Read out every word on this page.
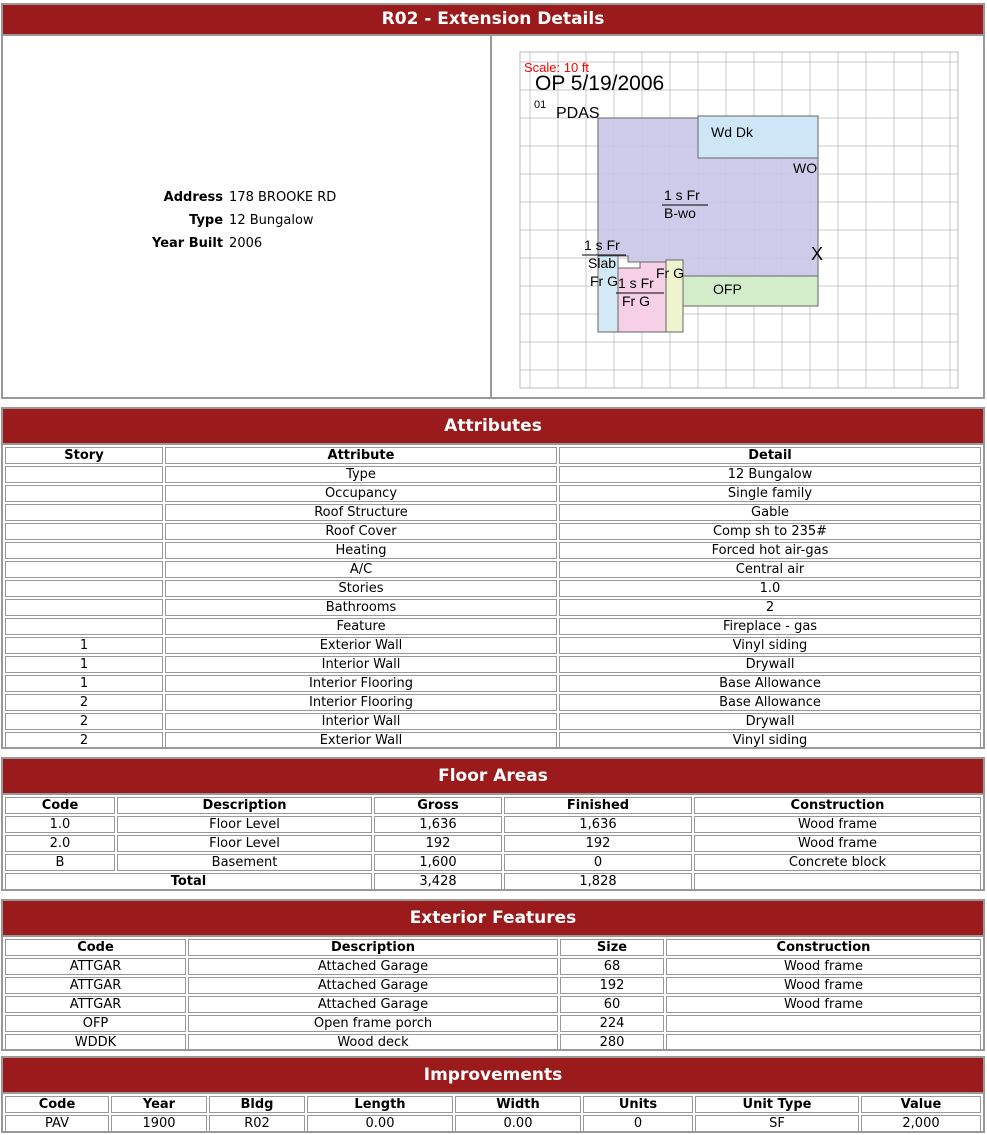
R02 - Extension Details
Address	178 BROOKE RD
Type	12 Bungalow
Year Built	2006
Scale: 10 ft
OP 5/19/2006
01 PDAS
Wd Dk
WO
1 s Fr
B-wo
1 s Fr
Slab
Fr G 1 s Fr
Fr G
Fr G
OFP
X
Attributes
Story	Attribute	Detail
	Type	12 Bungalow
	Occupancy	Single family
	Roof Structure	Gable
	Roof Cover	Comp sh to 235#
	Heating	Forced hot air-gas
	A/C	Central air
	Stories	1.0
	Bathrooms	2
	Feature	Fireplace - gas
1	Exterior Wall	Vinyl siding
1	Interior Wall	Drywall
1	Interior Flooring	Base Allowance
2	Interior Flooring	Base Allowance
2	Interior Wall	Drywall
2	Exterior Wall	Vinyl siding
Floor Areas
Code	Description	Gross	Finished	Construction
1.0	Floor Level	1,636	1,636	Wood frame
2.0	Floor Level	192	192	Wood frame
B	Basement	1,600	0	Concrete block
Total		3,428	1,828	
Exterior Features
Code	Description	Size	Construction
ATTGAR	Attached Garage	68	Wood frame
ATTGAR	Attached Garage	192	Wood frame
ATTGAR	Attached Garage	60	Wood frame
OFP	Open frame porch	224	
WDDK	Wood deck	280	
Improvements
Code	Year	Bldg	Length	Width	Units	Unit Type	Value
PAV	1900	R02	0.00	0.00	0	SF	2,000
